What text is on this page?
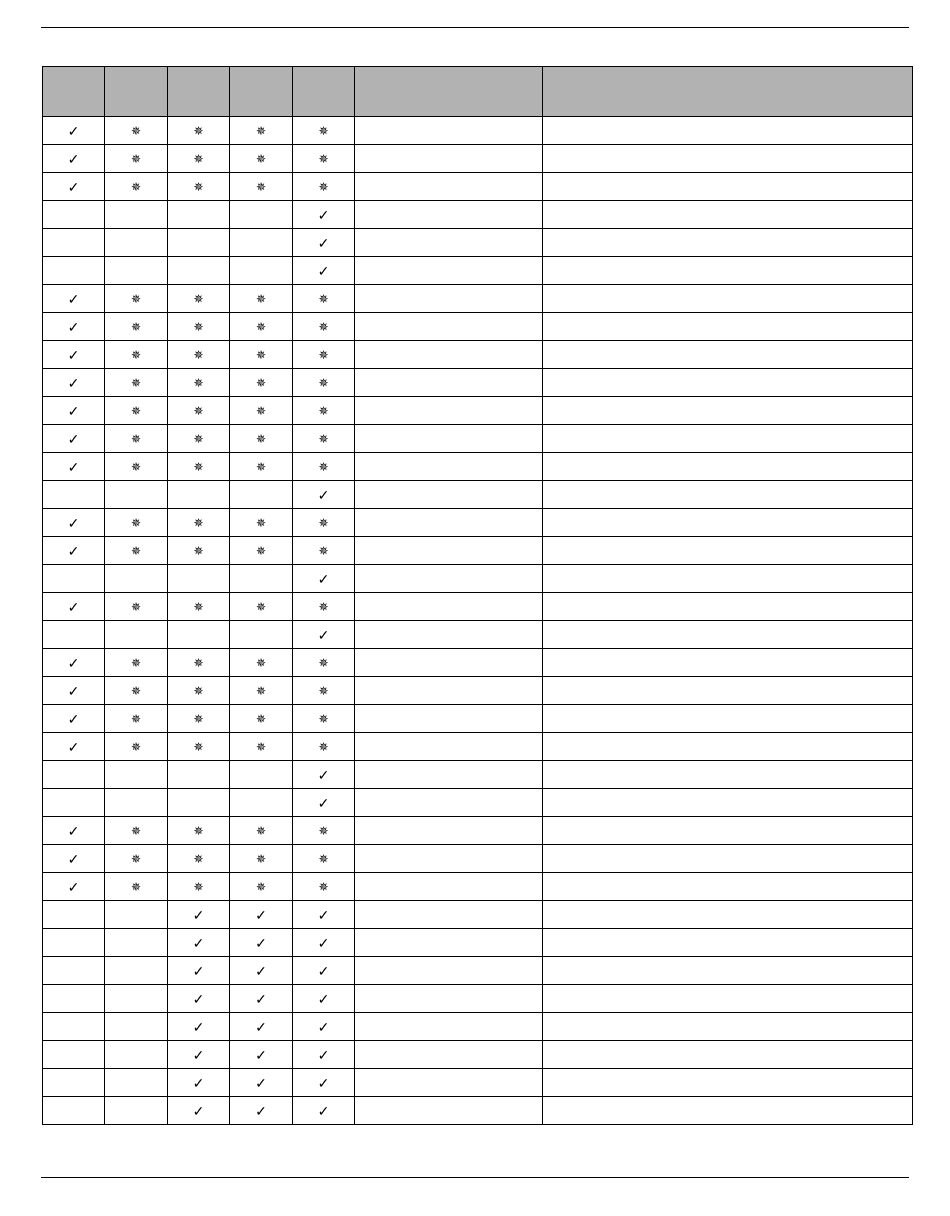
✓	✵	✵	✵	✵		
✓	✵	✵	✵	✵		
✓	✵	✵	✵	✵		
				✓		
				✓		
				✓		
✓	✵	✵	✵	✵		
✓	✵	✵	✵	✵		
✓	✵	✵	✵	✵		
✓	✵	✵	✵	✵		
✓	✵	✵	✵	✵		
✓	✵	✵	✵	✵		
✓	✵	✵	✵	✵		
				✓		
✓	✵	✵	✵	✵		
✓	✵	✵	✵	✵		
				✓		
✓	✵	✵	✵	✵		
				✓		
✓	✵	✵	✵	✵		
✓	✵	✵	✵	✵		
✓	✵	✵	✵	✵		
✓	✵	✵	✵	✵		
				✓		
				✓		
✓	✵	✵	✵	✵		
✓	✵	✵	✵	✵		
✓	✵	✵	✵	✵		
		✓	✓	✓		
		✓	✓	✓		
		✓	✓	✓		
		✓	✓	✓		
		✓	✓	✓		
		✓	✓	✓		
		✓	✓	✓		
		✓	✓	✓		
